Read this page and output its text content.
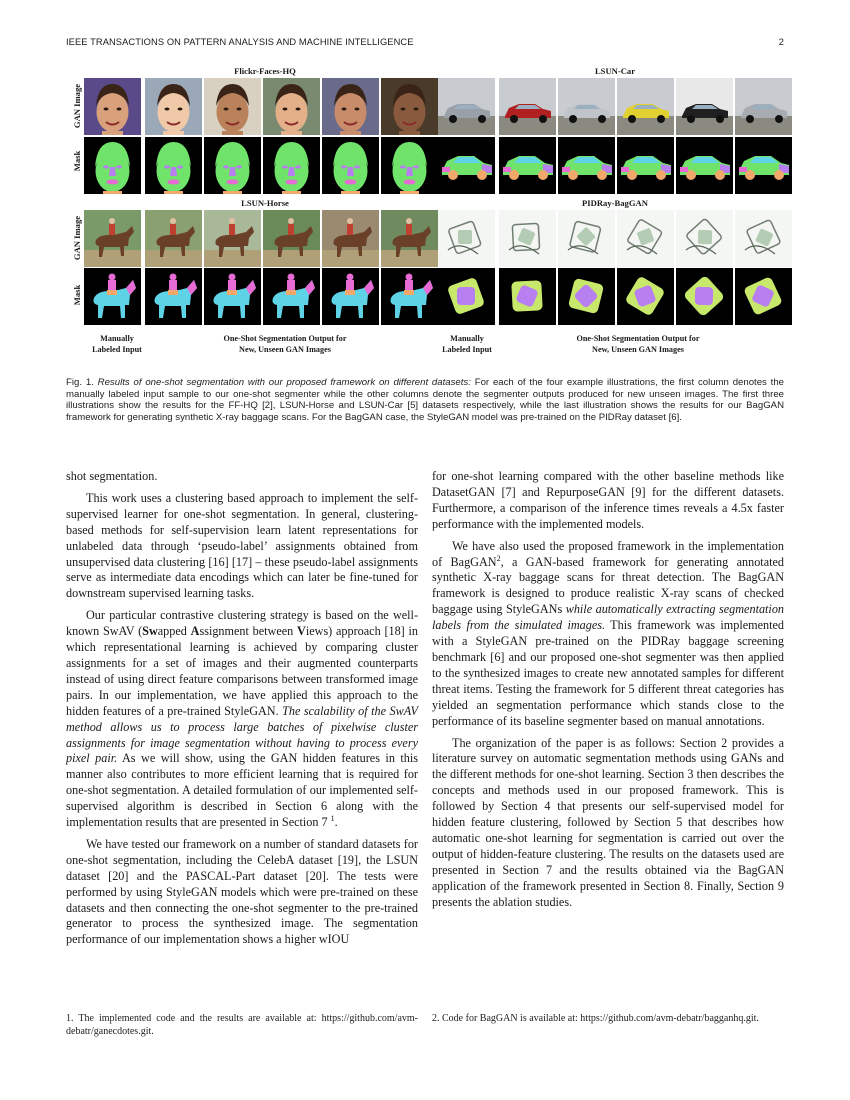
IEEE TRANSACTIONS ON PATTERN ANALYSIS AND MACHINE INTELLIGENCE	2
Flickr-Faces-HQ	LSUN-Car
LSUN-Horse	PIDRay-BagGAN
GAN Image
Mask
GAN Image
Mask
Manually
Labeled Input
One-Shot Segmentation Output for
New, Unseen GAN Images
Manually
Labeled Input
One-Shot Segmentation Output for
New, Unseen GAN Images
Fig. 1. Results of one-shot segmentation with our proposed framework on different datasets: For each of the four example illustrations, the first column denotes the manually labeled input sample to our one-shot segmenter while the other columns denote the segmenter outputs produced for new unseen images. The first three illustrations show the results for the FF-HQ [2], LSUN-Horse and LSUN-Car [5] datasets respectively, while the last illustration shows the results for our BagGAN framework for generating synthetic X-ray baggage scans. For the BagGAN case, the StyleGAN model was pre-trained on the PIDRay dataset [6].

shot segmentation.

This work uses a clustering based approach to implement the self-supervised learner for one-shot segmentation. In general, clustering-based methods for self-supervision learn latent representations for unlabeled data through ‘pseudo-label’ assignments obtained from unsupervised data clustering [16] [17] – these pseudo-label assignments serve as intermediate data encodings which can later be fine-tuned for downstream supervised learning tasks.

Our particular contrastive clustering strategy is based on the well-known SwAV (Swapped Assignment between Views) approach [18] in which representational learning is achieved by comparing cluster assignments for a set of images and their augmented counterparts instead of using direct feature comparisons between transformed image pairs. In our implementation, we have applied this approach to the hidden features of a pre-trained StyleGAN. The scalability of the SwAV method allows us to process large batches of pixelwise cluster assignments for image segmentation without having to process every pixel pair. As we will show, using the GAN hidden features in this manner also contributes to more efficient learning that is required for one-shot segmentation. A detailed formulation of our implemented self-supervised algorithm is described in Section 6 along with the implementation results that are presented in Section 7 $^1$.

We have tested our framework on a number of standard datasets for one-shot segmentation, including the CelebA dataset [19], the LSUN dataset [20] and the PASCAL-Part dataset [20]. The tests were performed by using StyleGAN models which were pre-trained on these datasets and then connecting the one-shot segmenter to the pre-trained generator to process the synthesized image. The segmentation performance of our implementation shows a higher wIOU

for one-shot learning compared with the other baseline methods like DatasetGAN [7] and RepurposeGAN [9] for the different datasets. Furthermore, a comparison of the inference times reveals a 4.5x faster performance with the implemented models.

We have also used the proposed framework in the implementation of BagGAN$^2$, a GAN-based framework for generating annotated synthetic X-ray baggage scans for threat detection. The BagGAN framework is designed to produce realistic X-ray scans of checked baggage using StyleGANs while automatically extracting segmentation labels from the simulated images. This framework was implemented with a StyleGAN pre-trained on the PIDRay baggage screening benchmark [6] and our proposed one-shot segmenter was then applied to the synthesized images to create new annotated samples for different threat items. Testing the framework for 5 different threat categories has yielded an segmentation performance which stands close to the performance of its baseline segmenter based on manual annotations.

The organization of the paper is as follows: Section 2 provides a literature survey on automatic segmentation methods using GANs and the different methods for one-shot learning. Section 3 then describes the concepts and methods used in our proposed framework. This is followed by Section 4 that presents our self-supervised model for hidden feature clustering, followed by Section 5 that describes how automatic one-shot learning for segmentation is carried out over the output of hidden-feature clustering. The results on the datasets used are presented in Section 7 and the results obtained via the BagGAN application of the framework presented in Section 8. Finally, Section 9 presents the ablation studies.

1. The implemented code and the results are available at: https://github.com/avm-debatr/ganecdotes.git.
2. Code for BagGAN is available at: https://github.com/avm-debatr/bagganhq.git.
